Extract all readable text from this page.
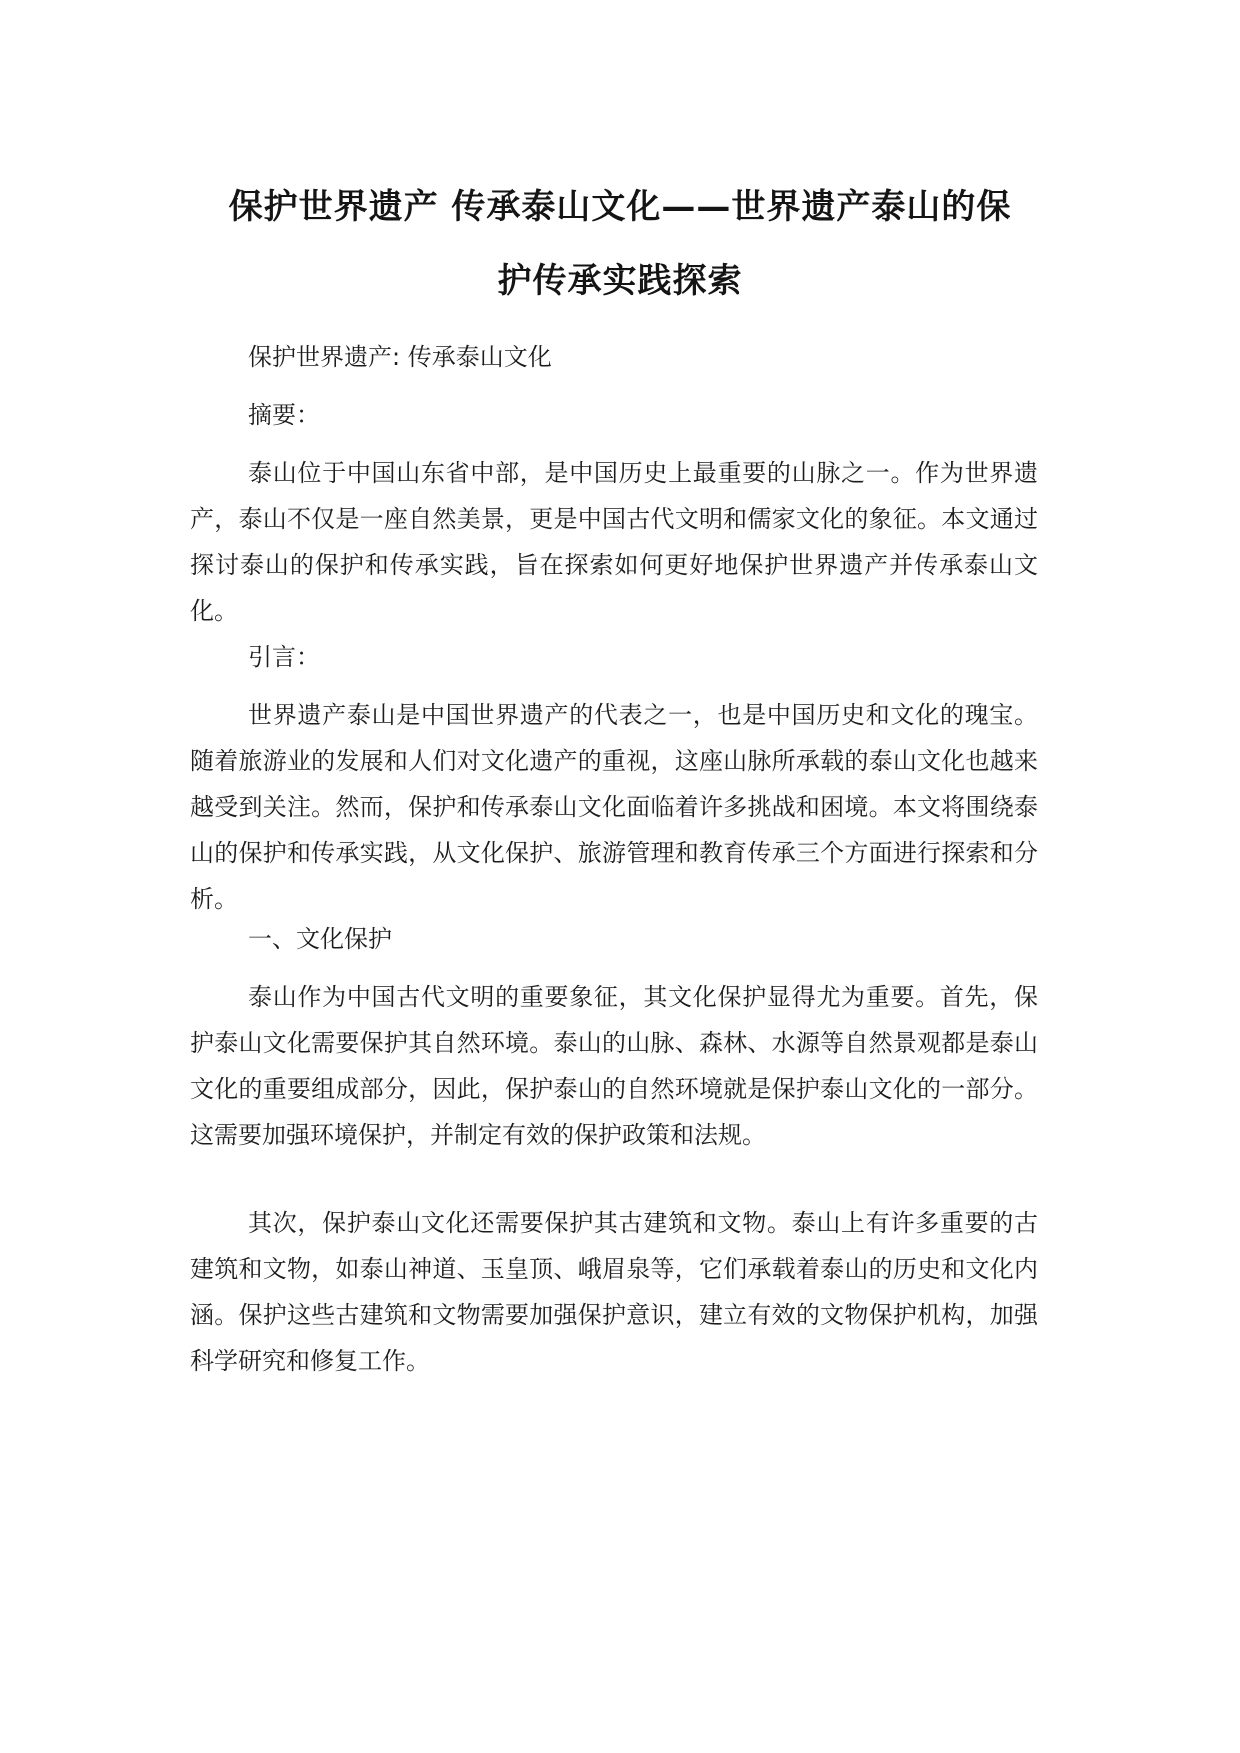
保护世界遗产 传承泰山文化——世界遗产泰山的保
护传承实践探索

保护世界遗产: 传承泰山文化

摘要：

泰山位于中国山东省中部，是中国历史上最重要的山脉之一。作为世界遗产，泰山不仅是一座自然美景，更是中国古代文明和儒家文化的象征。本文通过探讨泰山的保护和传承实践，旨在探索如何更好地保护世界遗产并传承泰山文化。

引言：

世界遗产泰山是中国世界遗产的代表之一，也是中国历史和文化的瑰宝。随着旅游业的发展和人们对文化遗产的重视，这座山脉所承载的泰山文化也越来越受到关注。然而，保护和传承泰山文化面临着许多挑战和困境。本文将围绕泰山的保护和传承实践，从文化保护、旅游管理和教育传承三个方面进行探索和分析。

一、文化保护

泰山作为中国古代文明的重要象征，其文化保护显得尤为重要。首先，保护泰山文化需要保护其自然环境。泰山的山脉、森林、水源等自然景观都是泰山文化的重要组成部分，因此，保护泰山的自然环境就是保护泰山文化的一部分。这需要加强环境保护，并制定有效的保护政策和法规。

其次，保护泰山文化还需要保护其古建筑和文物。泰山上有许多重要的古建筑和文物，如泰山神道、玉皇顶、峨眉泉等，它们承载着泰山的历史和文化内涵。保护这些古建筑和文物需要加强保护意识，建立有效的文物保护机构，加强科学研究和修复工作。
